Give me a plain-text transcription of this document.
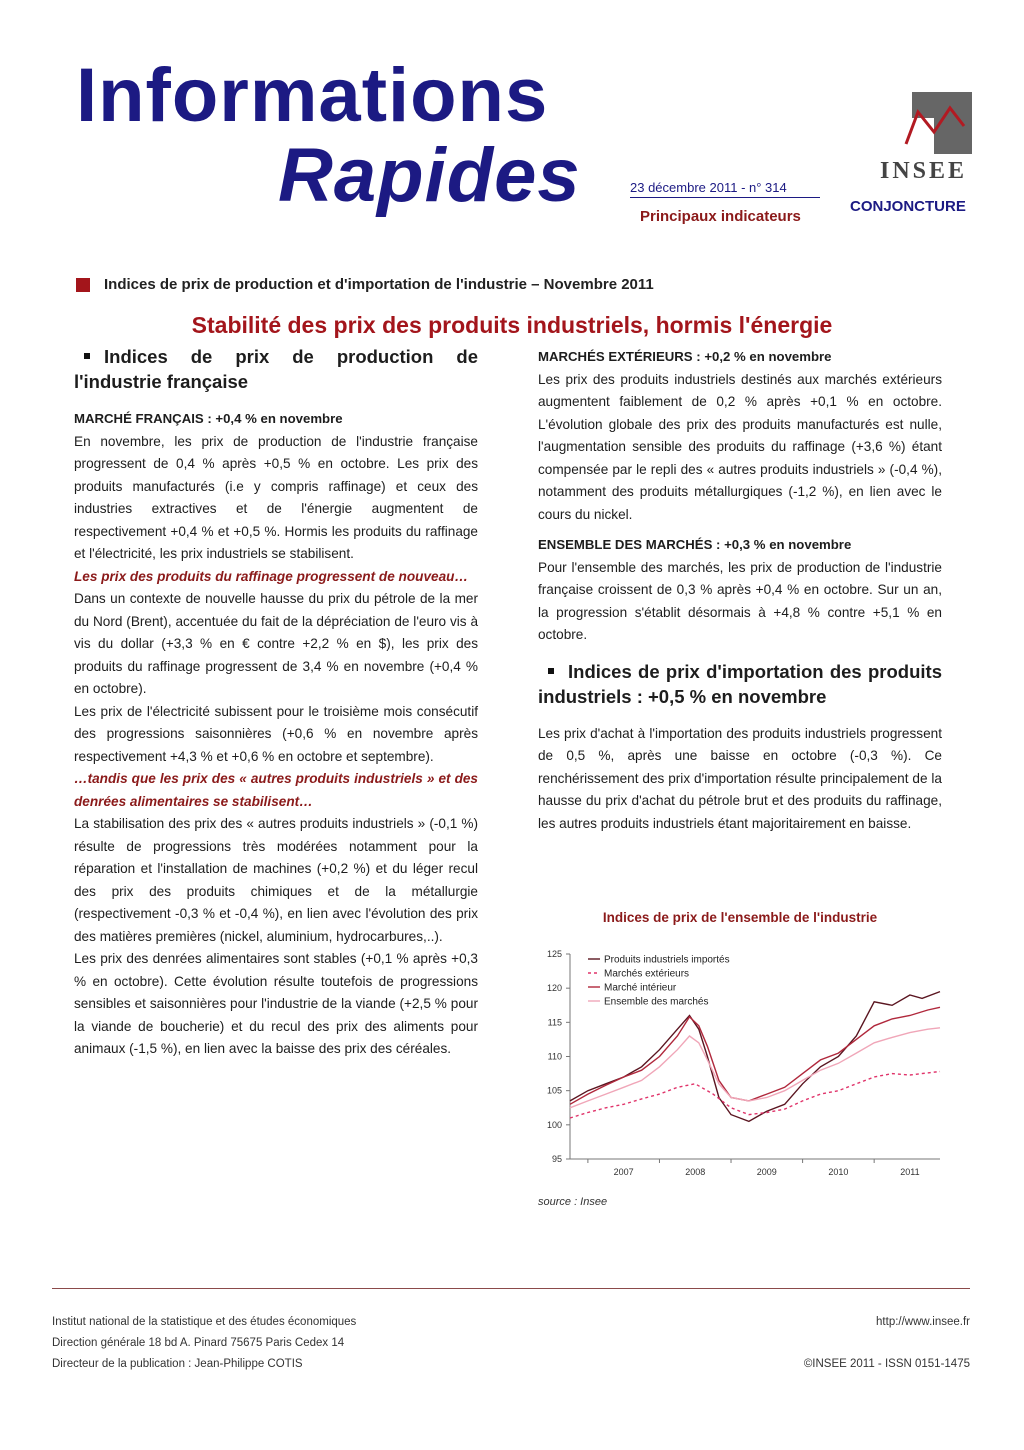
Informations
Rapides	23 décembre 2011 - n° 314
Principaux indicateurs
INSEE
CONJONCTURE
Indices de prix de production et d'importation de l'industrie – Novembre 2011
Stabilité des prix des produits industriels, hormis l'énergie
Indices de prix de production de l'industrie française

MARCHÉ FRANÇAIS : +0,4 % en novembre

En novembre, les prix de production de l'industrie française progressent de 0,4 % après +0,5 % en octobre. Les prix des produits manufacturés (i.e y compris raffinage) et ceux des industries extractives et de l'énergie augmentent de respectivement +0,4 % et +0,5 %. Hormis les produits du raffinage et l'électricité, les prix industriels se stabilisent.

Les prix des produits du raffinage progressent de nouveau…

Dans un contexte de nouvelle hausse du prix du pétrole de la mer du Nord (Brent), accentuée du fait de la dépréciation de l'euro vis à vis du dollar (+3,3 % en € contre +2,2 % en $), les prix des produits du raffinage progressent de 3,4 % en novembre (+0,4 % en octobre).

Les prix de l'électricité subissent pour le troisième mois consécutif des progressions saisonnières (+0,6 % en novembre après respectivement +4,3 % et +0,6 % en octobre et septembre).

…tandis que les prix des « autres produits industriels » et des denrées alimentaires se stabilisent…

La stabilisation des prix des « autres produits industriels » (-0,1 %) résulte de progressions très modérées notamment pour la réparation et l'installation de machines (+0,2 %) et du léger recul des prix des produits chimiques et de la métallurgie (respectivement -0,3 % et -0,4 %), en lien avec l'évolution des prix des matières premières (nickel, aluminium, hydrocarbures,..).

Les prix des denrées alimentaires sont stables (+0,1 % après +0,3 % en octobre). Cette évolution résulte toutefois de progressions sensibles et saisonnières pour l'industrie de la viande (+2,5 % pour la viande de boucherie) et du recul des prix des aliments pour animaux (-1,5 %), en lien avec la baisse des prix des céréales.

MARCHÉS EXTÉRIEURS : +0,2 % en novembre

Les prix des produits industriels destinés aux marchés extérieurs augmentent faiblement de 0,2 % après +0,1 % en octobre. L'évolution globale des prix des produits manufacturés est nulle, l'augmentation sensible des produits du raffinage (+3,6 %) étant compensée par le repli des « autres produits industriels » (-0,4 %), notamment des produits métallurgiques (-1,2 %), en lien avec le cours du nickel.

ENSEMBLE DES MARCHÉS : +0,3 % en novembre

Pour l'ensemble des marchés, les prix de production de l'industrie française croissent de 0,3 % après +0,4 % en octobre. Sur un an, la progression s'établit désormais à +4,8 % contre +5,1 % en octobre.

Indices de prix d'importation des produits industriels : +0,5 % en novembre

Les prix d'achat à l'importation des produits industriels progressent de 0,5 %, après une baisse en octobre (-0,3 %). Ce renchérissement des prix d'importation résulte principalement de la hausse du prix d'achat du pétrole brut et des produits du raffinage, les autres produits industriels étant majoritairement en baisse.

Indices de prix de l'ensemble de l'industrie
95
100
105
110
115
120
125
2007	2008	2009	2010	2011
Produits industriels importés
Marchés extérieurs
Marché intérieur
Ensemble des marchés
source : Insee
Institut national de la statistique et des études économiques
Direction générale 18 bd A. Pinard 75675 Paris Cedex 14
Directeur de la publication : Jean-Philippe COTIS
http://www.insee.fr
©INSEE 2011 - ISSN 0151-1475
